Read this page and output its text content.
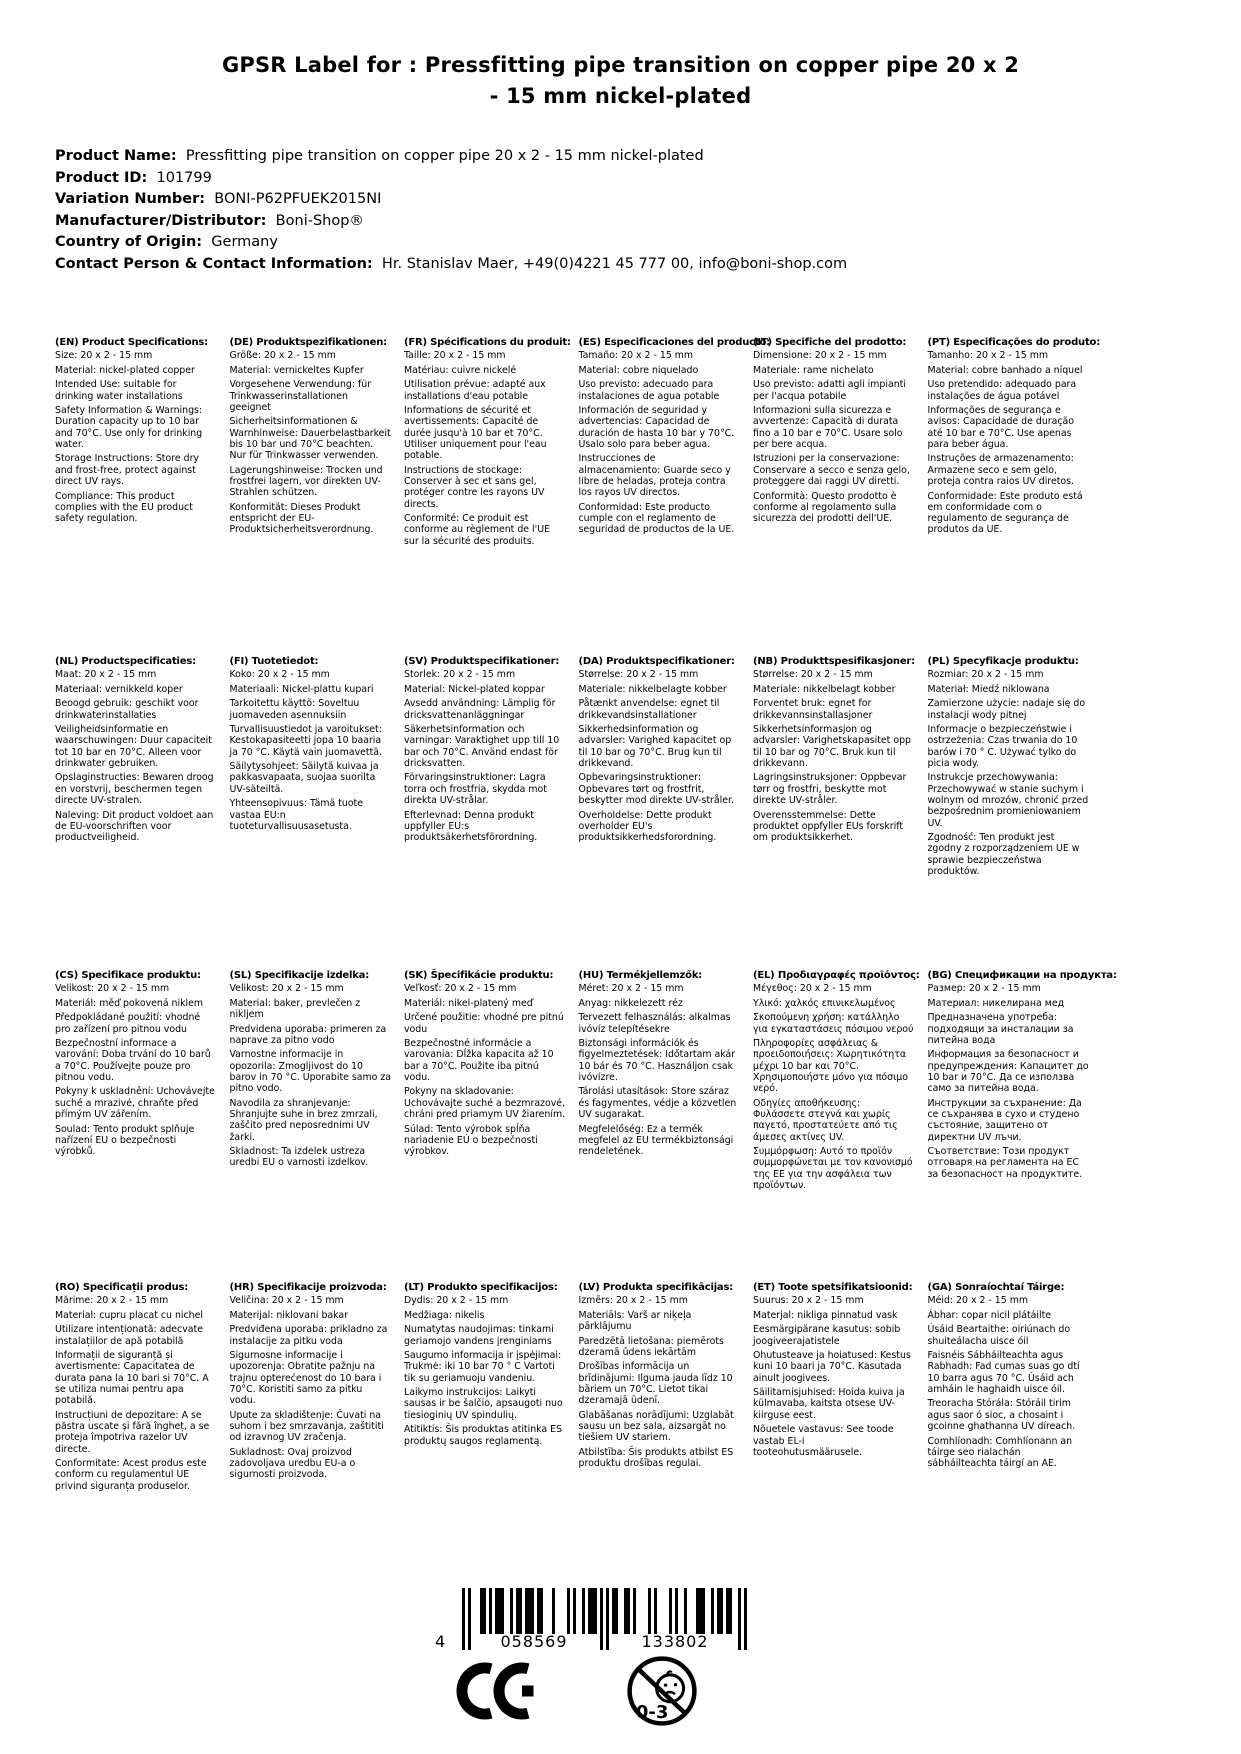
GPSR Label for : Pressfitting pipe transition on copper pipe 20 x 2
- 15 mm nickel-plated
Product Name:  Pressfitting pipe transition on copper pipe 20 x 2 - 15 mm nickel-plated
Product ID:  101799
Variation Number:  BONI-P62PFUEK2015NI
Manufacturer/Distributor:  Boni-Shop®
Country of Origin:  Germany
Contact Person & Contact Information:  Hr. Stanislav Maer, +49(0)4221 45 777 00, info@boni-shop.com
(EN) Product Specifications:
Size: 20 x 2 - 15 mm
Material: nickel-plated copper
Intended Use: suitable for drinking water installations
Safety Information & Warnings: Duration capacity up to 10 bar and 70°C. Use only for drinking water.
Storage Instructions: Store dry and frost-free, protect against direct UV rays.
Compliance: This product complies with the EU product safety regulation.
(DE) Produktspezifikationen:
Größe: 20 x 2 - 15 mm
Material: vernickeltes Kupfer
Vorgesehene Verwendung: für Trinkwasserinstallationen geeignet
Sicherheitsinformationen & Warnhinweise: Dauerbelastbarkeit bis 10 bar und 70°C beachten. Nur für Trinkwasser verwenden.
Lagerungshinweise: Trocken und frostfrei lagern, vor direkten UV-Strahlen schützen.
Konformität: Dieses Produkt entspricht der EU-Produktsicherheitsverordnung.
(FR) Spécifications du produit:
Taille: 20 x 2 - 15 mm
Matériau: cuivre nickelé
Utilisation prévue: adapté aux installations d'eau potable
Informations de sécurité et avertissements: Capacité de durée jusqu'à 10 bar et 70°C. Utiliser uniquement pour l'eau potable.
Instructions de stockage: Conserver à sec et sans gel, protéger contre les rayons UV directs.
Conformité: Ce produit est conforme au règlement de l'UE sur la sécurité des produits.
(ES) Especificaciones del producto:
Tamaño: 20 x 2 - 15 mm
Material: cobre niquelado
Uso previsto: adecuado para instalaciones de agua potable
Información de seguridad y advertencias: Capacidad de duración de hasta 10 bar y 70°C. Úsalo solo para beber agua.
Instrucciones de almacenamiento: Guarde seco y libre de heladas, proteja contra los rayos UV directos.
Conformidad: Este producto cumple con el reglamento de seguridad de productos de la UE.
(IT) Specifiche del prodotto:
Dimensione: 20 x 2 - 15 mm
Materiale: rame nichelato
Uso previsto: adatti agli impianti per l'acqua potabile
Informazioni sulla sicurezza e avvertenze: Capacità di durata fino a 10 bar e 70°C. Usare solo per bere acqua.
Istruzioni per la conservazione: Conservare a secco e senza gelo, proteggere dai raggi UV diretti.
Conformità: Questo prodotto è conforme al regolamento sulla sicurezza dei prodotti dell'UE.
(PT) Especificações do produto:
Tamanho: 20 x 2 - 15 mm
Material: cobre banhado a níquel
Uso pretendido: adequado para instalações de água potável
Informações de segurança e avisos: Capacidade de duração até 10 bar e 70°C. Use apenas para beber água.
Instruções de armazenamento: Armazene seco e sem gelo, proteja contra raios UV diretos.
Conformidade: Este produto está em conformidade com o regulamento de segurança de produtos da UE.
(NL) Productspecificaties:
Maat: 20 x 2 - 15 mm
Materiaal: vernikkeld koper
Beoogd gebruik: geschikt voor drinkwaterinstallaties
Veiligheidsinformatie en waarschuwingen: Duur capaciteit tot 10 bar en 70°C. Alleen voor drinkwater gebruiken.
Opslaginstructies: Bewaren droog en vorstvrij, beschermen tegen directe UV-stralen.
Naleving: Dit product voldoet aan de EU-voorschriften voor productveiligheid.
(FI) Tuotetiedot:
Koko: 20 x 2 - 15 mm
Materiaali: Nickel-plattu kupari
Tarkoitettu käyttö: Soveltuu juomaveden asennuksiin
Turvallisuustiedot ja varoitukset: Kestokapasiteetti jopa 10 baaria ja 70 °C. Käytä vain juomavettä.
Säilytysohjeet: Säilytä kuivaa ja pakkasvapaata, suojaa suorilta UV-säteiltä.
Yhteensopivuus: Tämä tuote vastaa EU:n tuoteturvallisuusasetusta.
(SV) Produktspecifikationer:
Storlek: 20 x 2 - 15 mm
Material: Nickel-plated koppar
Avsedd användning: Lämplig för dricksvattenanläggningar
Säkerhetsinformation och varningar: Varaktighet upp till 10 bar och 70°C. Använd endast för dricksvatten.
Förvaringsinstruktioner: Lagra torra och frostfria, skydda mot direkta UV-strålar.
Efterlevnad: Denna produkt uppfyller EU:s produktsäkerhetsförordning.
(DA) Produktspecifikationer:
Størrelse: 20 x 2 - 15 mm
Materiale: nikkelbelagte kobber
Påtænkt anvendelse: egnet til drikkevandsinstallationer
Sikkerhedsinformation og advarsler: Varighed kapacitet op til 10 bar og 70°C. Brug kun til drikkevand.
Opbevaringsinstruktioner: Opbevares tørt og frostfrit, beskytter mod direkte UV-stråler.
Overholdelse: Dette produkt overholder EU's produktsikkerhedsforordning.
(NB) Produkttspesifikasjoner:
Størrelse: 20 x 2 - 15 mm
Materiale: nikkelbelagt kobber
Forventet bruk: egnet for drikkevannsinstallasjoner
Sikkerhetsinformasjon og advarsler: Varighetskapasitet opp til 10 bar og 70°C. Bruk kun til drikkevann.
Lagringsinstruksjoner: Oppbevar tørr og frostfri, beskytte mot direkte UV-stråler.
Overensstemmelse: Dette produktet oppfyller EUs forskrift om produktsikkerhet.
(PL) Specyfikacje produktu:
Rozmiar: 20 x 2 - 15 mm
Materiał: Miedź niklowana
Zamierzone użycie: nadaje się do instalacji wody pitnej
Informacje o bezpieczeństwie i ostrzeżenia: Czas trwania do 10 barów i 70 ° C. Używać tylko do picia wody.
Instrukcje przechowywania: Przechowywać w stanie suchym i wolnym od mrozów, chronić przed bezpośrednim promieniowaniem UV.
Zgodność: Ten produkt jest zgodny z rozporządzeniem UE w sprawie bezpieczeństwa produktów.
(CS) Specifikace produktu:
Velikost: 20 x 2 - 15 mm
Materiál: měď pokovená niklem
Předpokládané použití: vhodné pro zařízení pro pitnou vodu
Bezpečnostní informace a varování: Doba trvání do 10 barů a 70°C. Používejte pouze pro pitnou vodu.
Pokyny k uskladnění: Uchovávejte suché a mrazivé, chraňte před přímým UV zářením.
Soulad: Tento produkt splňuje nařízení EU o bezpečnosti výrobků.
(SL) Specifikacije izdelka:
Velikost: 20 x 2 - 15 mm
Material: baker, prevlečen z nikljem
Predvidena uporaba: primeren za naprave za pitno vodo
Varnostne informacije in opozorila: Zmogljivost do 10 barov in 70 °C. Uporabite samo za pitno vodo.
Navodila za shranjevanje: Shranjujte suhe in brez zmrzali, zaščito pred neposrednimi UV žarki.
Skladnost: Ta izdelek ustreza uredbi EU o varnosti izdelkov.
(SK) Špecifikácie produktu:
Veľkosť: 20 x 2 - 15 mm
Materiál: nikel-platený meď
Určené použitie: vhodné pre pitnú vodu
Bezpečnostné informácie a varovania: Dĺžka kapacita až 10 bar a 70°C. Použite iba pitnú vodu.
Pokyny na skladovanie: Uchovávajte suché a bezmrazové, chráni pred priamym UV žiarením.
Súlad: Tento výrobok spĺňa nariadenie EÚ o bezpečnosti výrobkov.
(HU) Termékjellemzők:
Méret: 20 x 2 - 15 mm
Anyag: nikkelezett réz
Tervezett felhasználás: alkalmas ivóvíz telepítésekre
Biztonsági információk és figyelmeztetések: Időtartam akár 10 bár és 70 °C. Használjon csak ivóvízre.
Tárolási utasítások: Store száraz és fagymentes, védje a közvetlen UV sugarakat.
Megfelelőség: Ez a termék megfelel az EU termékbiztonsági rendeletének.
(EL) Προδιαγραφές προϊόντος:
Μέγεθος: 20 x 2 - 15 mm
Υλικό: χαλκός επινικελωμένος
Σκοπούμενη χρήση: κατάλληλο για εγκαταστάσεις πόσιμου νερού
Πληροφορίες ασφάλειας & προειδοποιήσεις: Χωρητικότητα μέχρι 10 bar και 70°C. Χρησιμοποιήστε μόνο για πόσιμο νερό.
Οδηγίες αποθήκευσης: Φυλάσσετε στεγνά και χωρίς παγετό, προστατεύετε από τις άμεσες ακτίνες UV.
Συμμόρφωση: Αυτό το προϊόν συμμορφώνεται με τον κανονισμό της ΕΕ για την ασφάλεια των προϊόντων.
(BG) Спецификации на продукта:
Размер: 20 x 2 - 15 mm
Материал: никелирана мед
Предназначена употреба: подходящи за инсталации за питейна вода
Информация за безопасност и предупреждения: Капацитет до 10 bar и 70°C. Да се използва само за питейна вода.
Инструкции за съхранение: Да се съхранява в сухо и студено състояние, защитено от директни UV лъчи.
Съответствие: Този продукт отговаря на регламента на ЕС за безопасност на продуктите.
(RO) Specificații produs:
Mărime: 20 x 2 - 15 mm
Material: cupru placat cu nichel
Utilizare intenționată: adecvate instalațiilor de apă potabilă
Informații de siguranță și avertismente: Capacitatea de durata pana la 10 bari si 70°C. A se utiliza numai pentru apa potabilă.
Instrucțiuni de depozitare: A se păstra uscate și fără îngheț, a se proteja împotriva razelor UV directe.
Conformitate: Acest produs este conform cu regulamentul UE privind siguranța produselor.
(HR) Specifikacije proizvoda:
Veličina: 20 x 2 - 15 mm
Materijal: niklovani bakar
Predviđena uporaba: prikladno za instalacije za pitku voda
Sigurnosne informacije i upozorenja: Obratite pažnju na trajnu opterećenost do 10 bara i 70°C. Koristiti samo za pitku vodu.
Upute za skladištenje: Čuvati na suhom i bez smrzavanja, zaštititi od izravnog UV zračenja.
Sukladnost: Ovaj proizvod zadovoljava uredbu EU-a o sigurnosti proizvoda.
(LT) Produkto specifikacijos:
Dydis: 20 x 2 - 15 mm
Medžiaga: nikelis
Numatytas naudojimas: tinkami geriamojo vandens įrenginiams
Saugumo informacija ir įspėjimai: Trukmė: iki 10 bar 70 ° C Vartoti tik su geriamuoju vandeniu.
Laikymo instrukcijos: Laikyti sausas ir be šalčio, apsaugoti nuo tiesioginių UV spindulių.
Atitiktis: Šis produktas atitinka ES produktų saugos reglamentą.
(LV) Produkta specifikācijas:
Izmērs: 20 x 2 - 15 mm
Materiāls: Varš ar niķeļa pārklājumu
Paredzētā lietošana: piemērots dzeramā ūdens iekārtām
Drošības informācija un brīdinājumi: Ilguma jauda līdz 10 bāriem un 70°C. Lietot tikai dzeramajā ūdenī.
Glabāšanas norādījumi: Uzglabāt sausu un bez sala, aizsargāt no tiešiem UV stariem.
Atbilstība: Šis produkts atbilst ES produktu drošības regulai.
(ET) Toote spetsifikatsioonid:
Suurus: 20 x 2 - 15 mm
Materjal: nikliga pinnatud vask
Eesmärgipärane kasutus: sobib joogiveerajatistele
Ohutusteave ja hoiatused: Kestus kuni 10 baari ja 70°C. Kasutada ainult joogivees.
Säilitamisjuhised: Hoida kuiva ja külmavaba, kaitsta otsese UV-kiirguse eest.
Nõuetele vastavus: See toode vastab EL-i tooteohutusmäärusele.
(GA) Sonraíochtaí Táirge:
Méid: 20 x 2 - 15 mm
Ábhar: copar nicil plátáilte
Úsáid Beartaithe: oiriúnach do shuiteálacha uisce óil
Faisnéis Sábháilteachta agus Rabhadh: Fad cumas suas go dtí 10 barra agus 70 °C. Úsáid ach amháin le haghaidh uisce óil.
Treoracha Stórála: Stóráil tirim agus saor ó sioc, a chosaint i gcoinne ghathanna UV díreach.
Comhlíonadh: Comhlíonann an táirge seo rialachán sábháilteachta táirgí an AE.
4	058569	133802
0-3
